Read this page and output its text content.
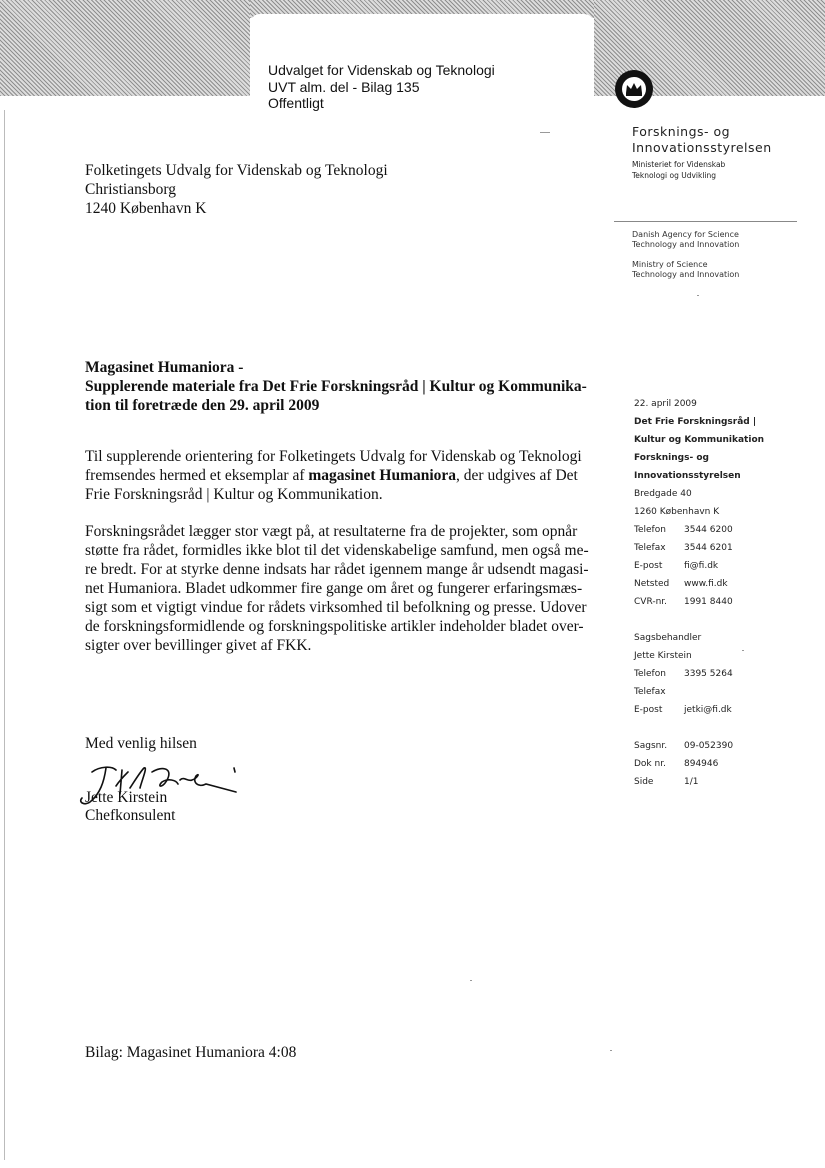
Udvalget for Videnskab og Teknologi
UVT alm. del - Bilag 135
Offentligt
Forsknings- og
Innovationsstyrelsen
Ministeriet for Videnskab
Teknologi og Udvikling
Danish Agency for Science
Technology and Innovation
Ministry of Science
Technology and Innovation
Folketingets Udvalg for Videnskab og Teknologi
Christiansborg
1240 København K
Magasinet Humaniora -
Supplerende materiale fra Det Frie Forskningsråd | Kultur og Kommunika-
tion til foretræde den 29. april 2009

Til supplerende orientering for Folketingets Udvalg for Videnskab og Teknologi
fremsendes hermed et eksemplar af magasinet Humaniora, der udgives af Det
Frie Forskningsråd | Kultur og Kommunikation.

Forskningsrådet lægger stor vægt på, at resultaterne fra de projekter, som opnår
støtte fra rådet, formidles ikke blot til det videnskabelige samfund, men også me-
re bredt. For at styrke denne indsats har rådet igennem mange år udsendt magasi-
net Humaniora. Bladet udkommer fire gange om året og fungerer erfaringsmæs-
sigt som et vigtigt vindue for rådets virksomhed til befolkning og presse. Udover
de forskningsformidlende og forskningspolitiske artikler indeholder bladet over-
sigter over bevillinger givet af FKK.

22. april 2009
Det Frie Forskningsråd |
Kultur og Kommunikation
Forsknings- og
Innovationsstyrelsen
Bredgade 40
1260 København K
Telefon 3544 6200
Telefax 3544 6201
E-post fi@fi.dk
Netsted www.fi.dk
CVR-nr. 1991 8440
Sagsbehandler
Jette Kirstein
Telefon 3395 5264
Telefax
E-post jetki@fi.dk
Sagsnr. 09-052390
Dok nr. 894946
Side	1/1
Med venlig hilsen
Jette Kirstein
Chefkonsulent
Bilag: Magasinet Humaniora 4:08
